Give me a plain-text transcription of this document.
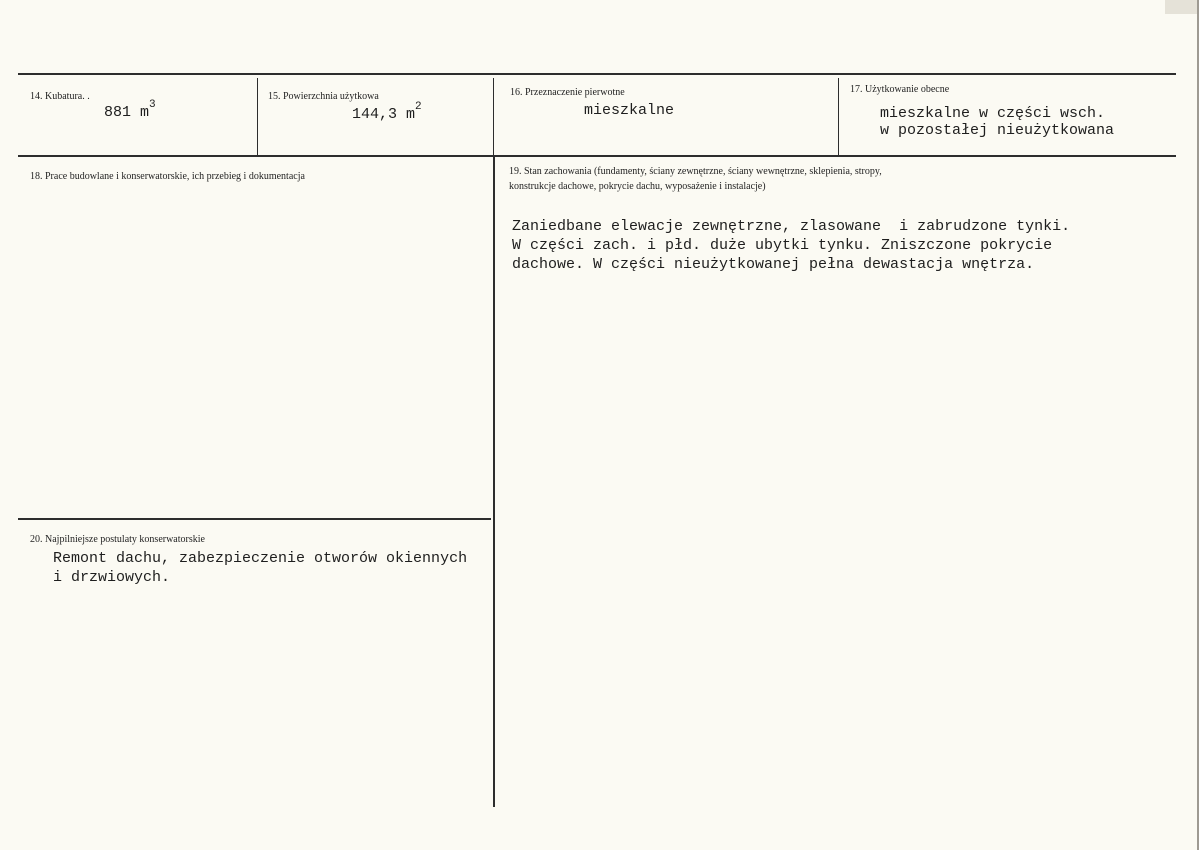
14. Kubatura. .
881 $m^3$
15. Powierzchnia użytkowa
144,3 $m^2$
16. Przeznaczenie pierwotne
mieszkalne
17. Użytkowanie obecne
mieszkalne w części wsch.
w pozostałej nieużytkowana
18. Prace budowlane i konserwatorskie, ich przebieg i dokumentacja	19. Stan zachowania (fundamenty, ściany zewnętrzne, ściany wewnętrzne, sklepienia, stropy,
konstrukcje dachowe, pokrycie dachu, wyposażenie i instalacje)
Zaniedbane elewacje zewnętrzne, zlasowane  i zabrudzone tynki.
W części zach. i płd. duże ubytki tynku. Zniszczone pokrycie
dachowe. W części nieużytkowanej pełna dewastacja wnętrza.
20. Najpilniejsze postulaty konserwatorskie
Remont dachu, zabezpieczenie otworów okiennych
i drzwiowych.
